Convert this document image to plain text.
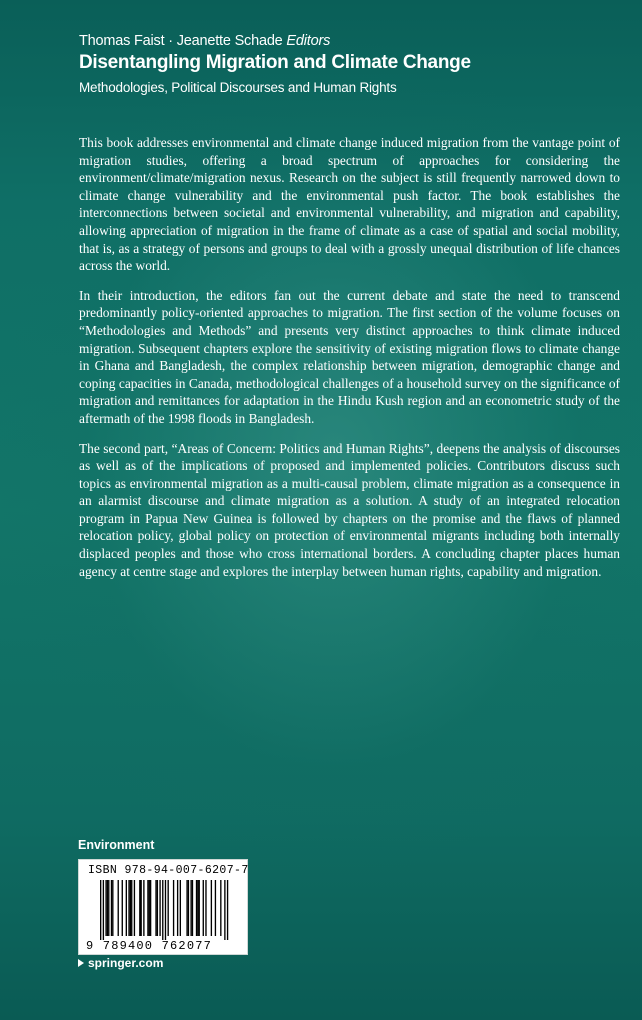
Thomas Faist · Jeanette Schade Editors
Disentangling Migration and Climate Change
Methodologies, Political Discourses and Human Rights

This book addresses environmental and climate change induced migration from the vantage point of migration studies, offering a broad spectrum of approaches for considering the environment/climate/migration nexus. Research on the subject is still frequently narrowed down to climate change vulnerability and the environmental push factor. The book establishes the interconnections between societal and environmental vulnerability, and migration and capability, allowing appreciation of migration in the frame of climate as a case of spatial and social mobility, that is, as a strategy of persons and groups to deal with a grossly unequal distribution of life chances across the world.

In their introduction, the editors fan out the current debate and state the need to transcend predominantly policy-oriented approaches to migration. The first section of the volume focuses on “Methodologies and Methods” and presents very distinct approaches to think climate induced migration. Subsequent chapters explore the sensitivity of existing migration flows to climate change in Ghana and Bangladesh, the complex relationship between migration, demographic change and coping capacities in Canada, methodological challenges of a household survey on the significance of migration and remittances for adaptation in the Hindu Kush region and an econometric study of the aftermath of the 1998 floods in Bangladesh.

The second part, “Areas of Concern: Politics and Human Rights”, deepens the analysis of discourses as well as of the implications of proposed and implemented policies. Contributors discuss such topics as environmental migration as a multi-causal problem, climate migration as a consequence in an alarmist discourse and climate migration as a solution. A study of an integrated relocation program in Papua New Guinea is followed by chapters on the promise and the flaws of planned relocation policy, global policy on protection of environmental migrants including both internally displaced peoples and those who cross international borders. A concluding chapter places human agency at centre stage and explores the interplay between human rights, capability and migration.

Environment
ISBN 978-94-007-6207-7
9 789400 762077
springer.com
